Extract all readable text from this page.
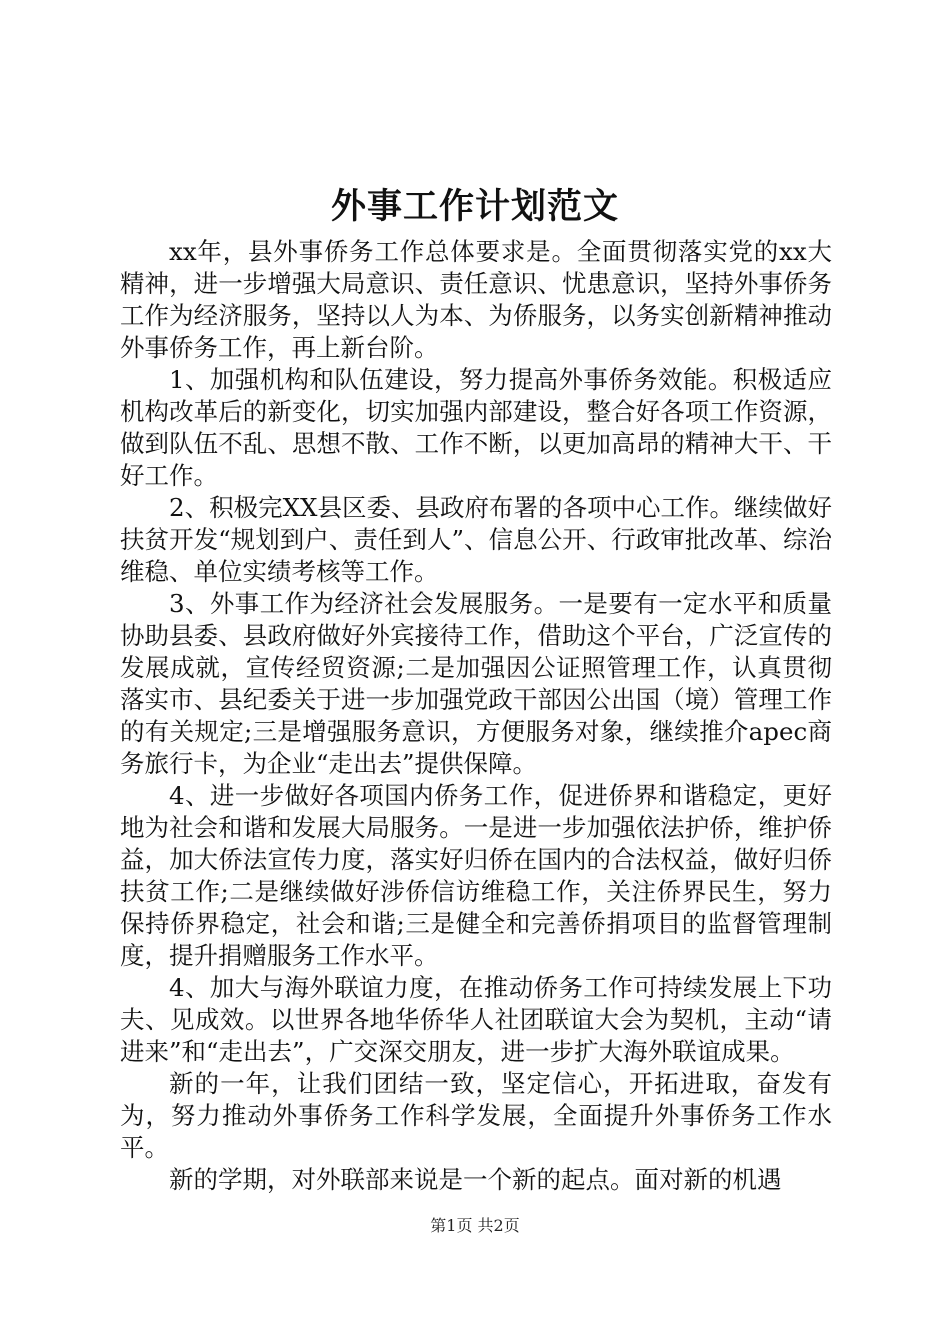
外事工作计划范文

xx年，县外事侨务工作总体要求是。全面贯彻落实党的xx大精神，进一步增强大局意识、责任意识、忧患意识，坚持外事侨务工作为经济服务，坚持以人为本、为侨服务，以务实创新精神推动外事侨务工作，再上新台阶。

1、加强机构和队伍建设，努力提高外事侨务效能。积极适应机构改革后的新变化，切实加强内部建设，整合好各项工作资源，做到队伍不乱、思想不散、工作不断，以更加高昂的精神大干、干好工作。

2、积极完XX县区委、县政府布署的各项中心工作。继续做好扶贫开发“规划到户、责任到人”、信息公开、行政审批改革、综治维稳、单位实绩考核等工作。

3、外事工作为经济社会发展服务。一是要有一定水平和质量协助县委、县政府做好外宾接待工作，借助这个平台，广泛宣传的发展成就，宣传经贸资源;二是加强因公证照管理工作，认真贯彻落实市、县纪委关于进一步加强党政干部因公出国（境）管理工作的有关规定;三是增强服务意识，方便服务对象，继续推介apec商务旅行卡，为企业“走出去”提供保障。

4、进一步做好各项国内侨务工作，促进侨界和谐稳定，更好地为社会和谐和发展大局服务。一是进一步加强依法护侨，维护侨益，加大侨法宣传力度，落实好归侨在国内的合法权益，做好归侨扶贫工作;二是继续做好涉侨信访维稳工作，关注侨界民生，努力保持侨界稳定，社会和谐;三是健全和完善侨捐项目的监督管理制度，提升捐赠服务工作水平。

4、加大与海外联谊力度，在推动侨务工作可持续发展上下功夫、见成效。以世界各地华侨华人社团联谊大会为契机，主动“请进来”和“走出去”，广交深交朋友，进一步扩大海外联谊成果。

新的一年，让我们团结一致，坚定信心，开拓进取，奋发有为，努力推动外事侨务工作科学发展，全面提升外事侨务工作水平。

新的学期，对外联部来说是一个新的起点。面对新的机遇

第1页 共2页
